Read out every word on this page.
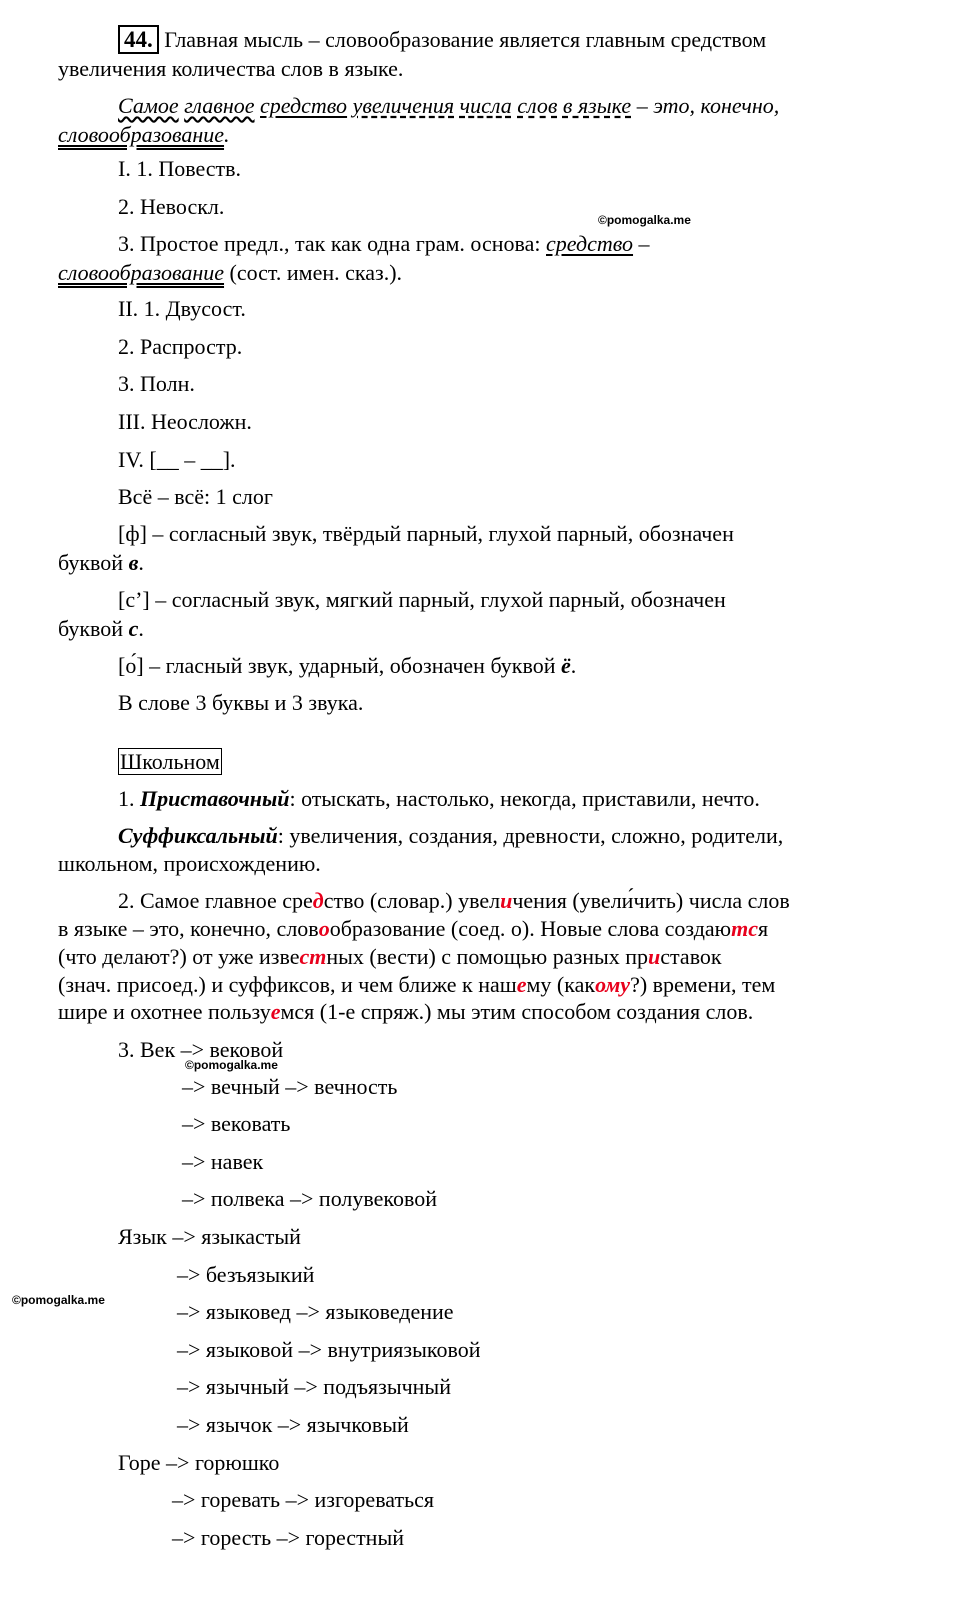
44. Главная мысль – словообразование является главным средством
увеличения количества слов в языке.
Самое главное средство увеличения числа слов в языке – это, конечно,
словообразование.
I. 1. Повеств.
2. Невоскл.
©pomogalka.me
3. Простое предл., так как одна грам. основа: средство –
словообразование (сост. имен. сказ.).
II. 1. Двусост.
2. Распростр.
3. Полн.
III. Неосложн.
IV. [__ – __].
Всё – всё: 1 слог
[ф] – согласный звук, твёрдый парный, глухой парный, обозначен
буквой в.
[с’] – согласный звук, мягкий парный, глухой парный, обозначен
буквой с.
[о́] – гласный звук, ударный, обозначен буквой ё.
В слове 3 буквы и 3 звука.
Школьном
1. Приставочный: отыскать, настолько, некогда, приставили, нечто.
Суффиксальный: увеличения, создания, древности, сложно, родители,
школьном, происхождению.
2. Самое главное средство (словар.) увеличения (увели́чить) числа слов
в языке – это, конечно, словообразование (соед. о). Новые слова создаются
(что делают?) от уже известных (вести) с помощью разных приставок
(знач. присоед.) и суффиксов, и чем ближе к нашему (какому?) времени, тем
шире и охотнее пользуемся (1-е спряж.) мы этим способом создания слов.
3. Век –> вековой
©pomogalka.me
–> вечный –> вечность
–> вековать
–> навек
–> полвека –> полувековой
Язык –> языкастый
–> безъязыкий
©pomogalka.me	–> языковед –> языковедение
–> языковой –> внутриязыковой
–> язычный –> подъязычный
–> язычок –> язычковый
Горе –> горюшко
–> горевать –> изгореваться
–> горесть –> горестный
